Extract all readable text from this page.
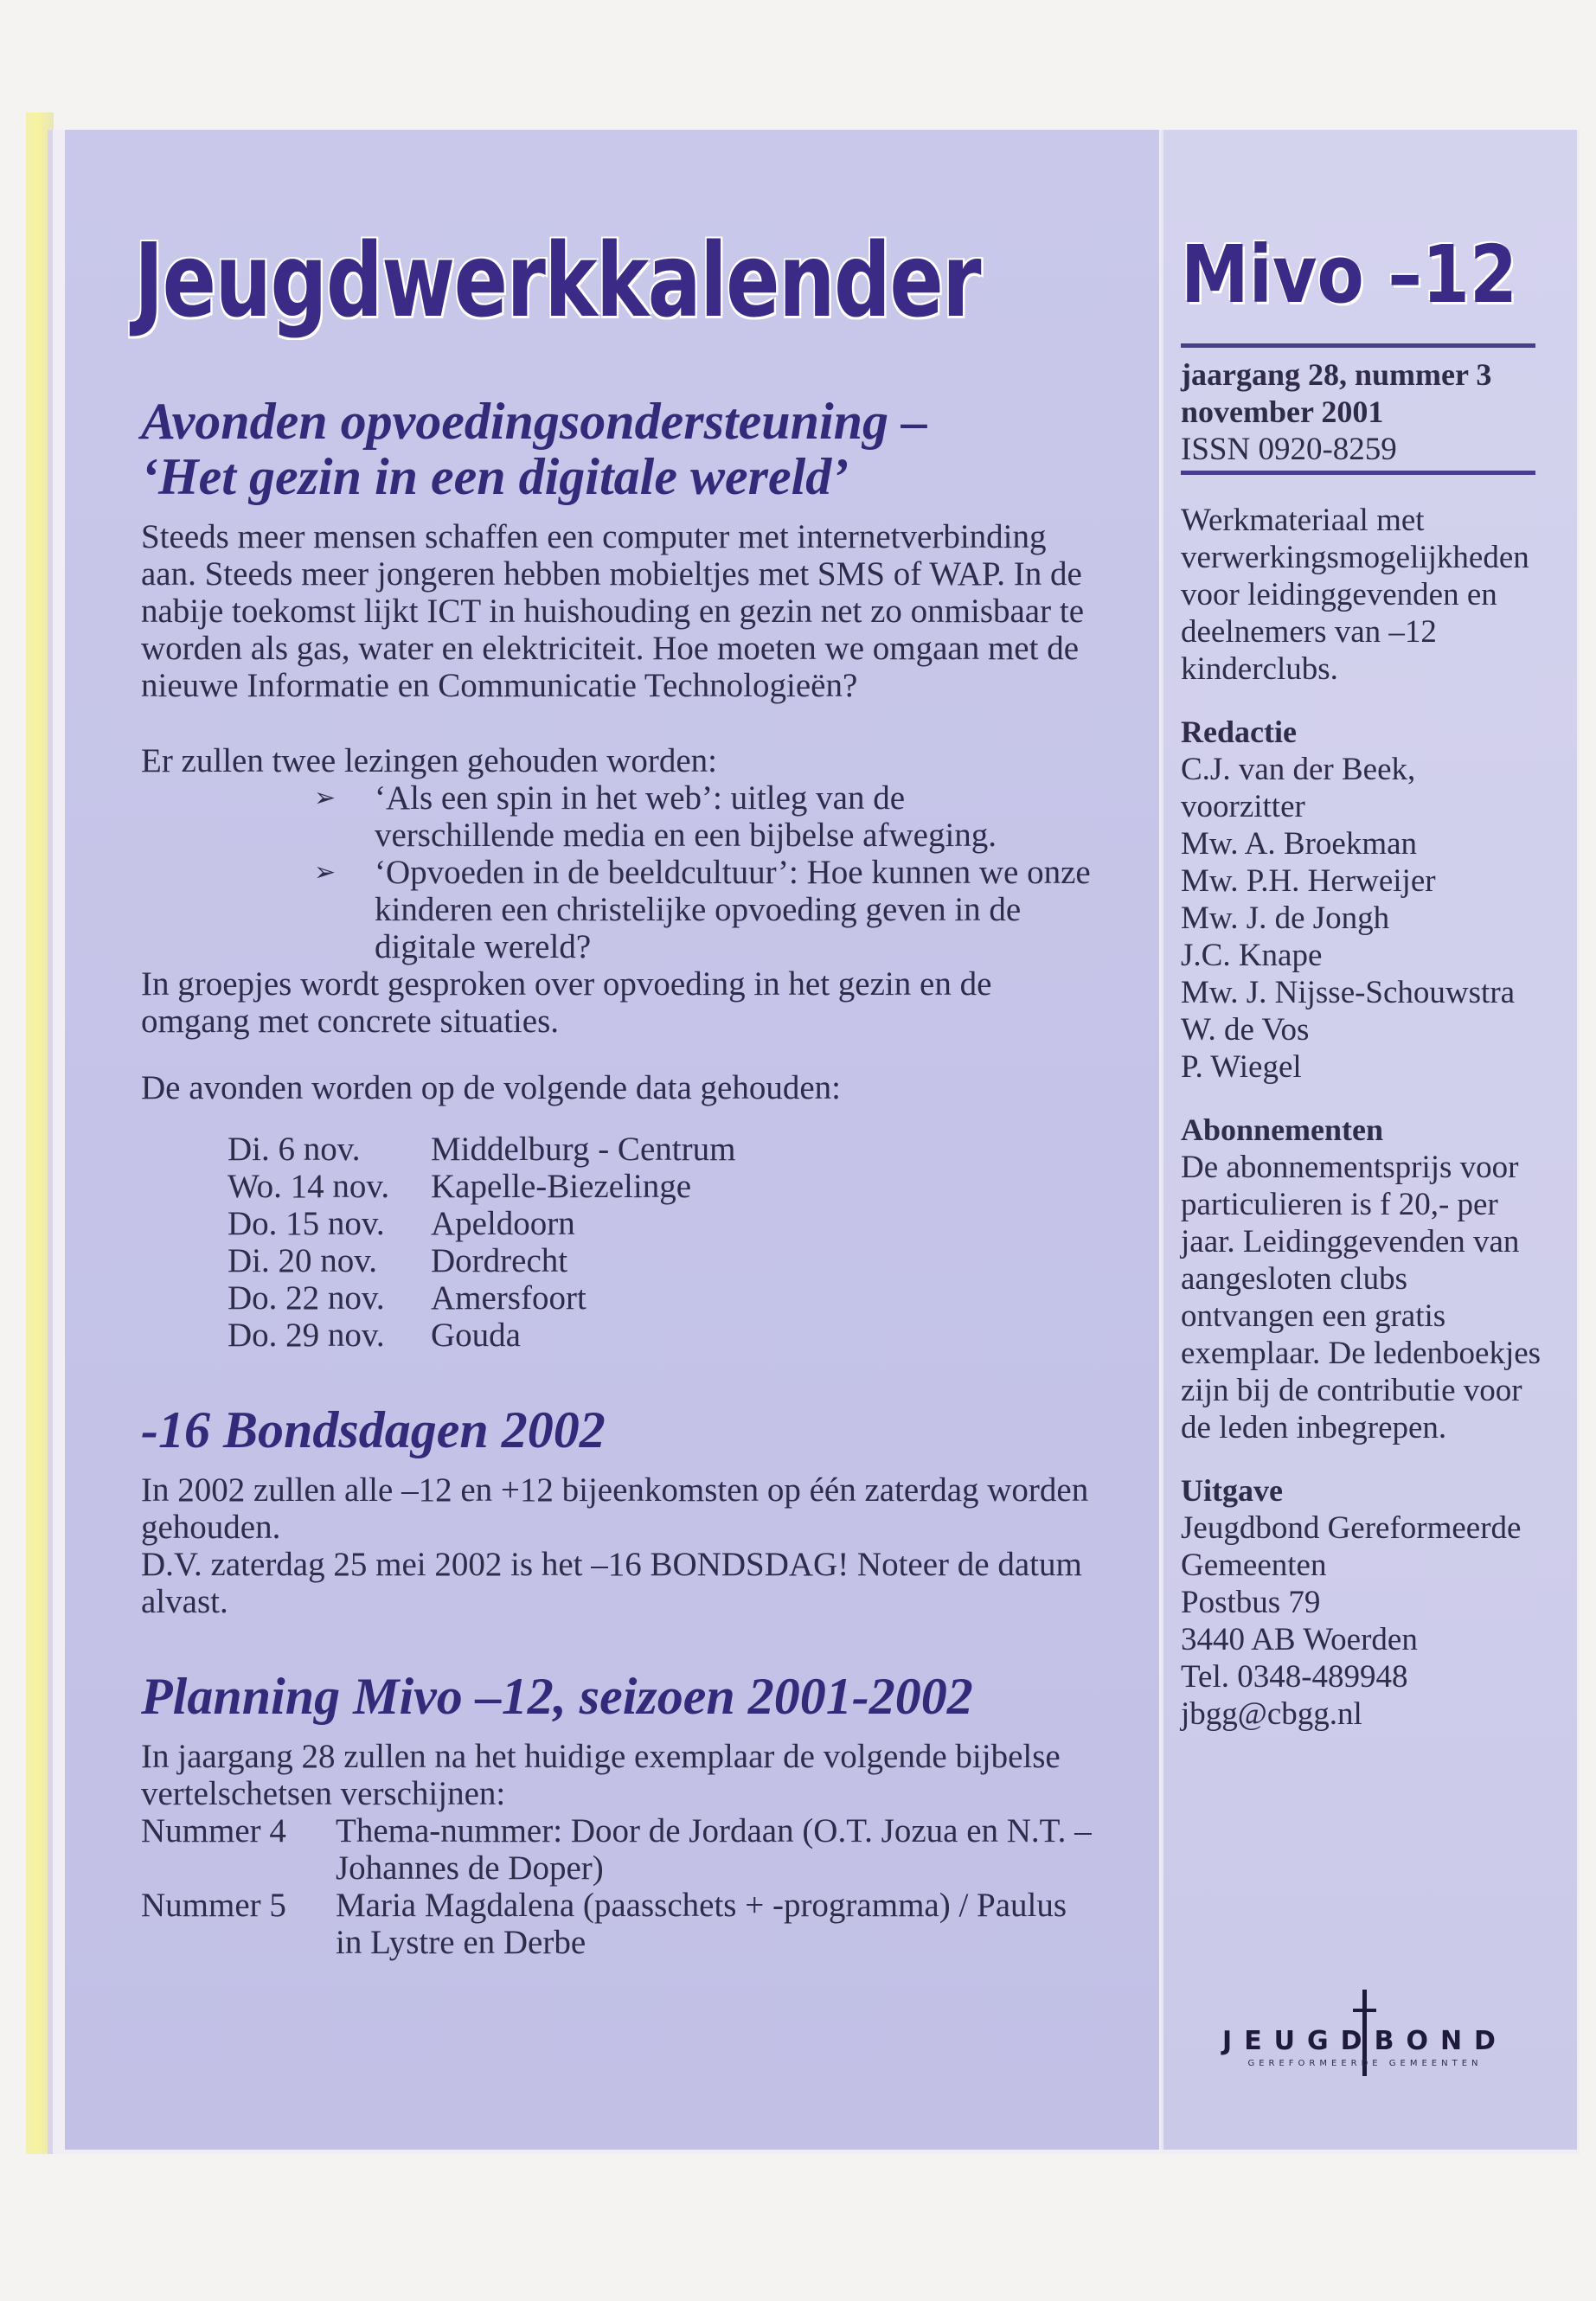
Jeugdwerkkalender
Avonden opvoedingsondersteuning –
‘Het gezin in een digitale wereld’

Steeds meer mensen schaffen een computer met internetverbinding aan. Steeds meer jongeren hebben mobieltjes met SMS of WAP. In de nabije toekomst lijkt ICT in huishouding en gezin net zo onmisbaar te worden als gas, water en elektriciteit. Hoe moeten we omgaan met de nieuwe Informatie en Communicatie Technologieën?

Er zullen twee lezingen gehouden worden:

➢ ‘Als een spin in het web’: uitleg van de verschillende media en een bijbelse afweging.
➢ ‘Opvoeden in de beeldcultuur’: Hoe kunnen we onze kinderen een christelijke opvoeding geven in de digitale wereld?

In groepjes wordt gesproken over opvoeding in het gezin en de omgang met concrete situaties.

De avonden worden op de volgende data gehouden:

Di. 6 nov.	Middelburg - Centrum
Wo. 14 nov.	Kapelle-Biezelinge
Do. 15 nov.	Apeldoorn
Di. 20 nov.	Dordrecht
Do. 22 nov.	Amersfoort
Do. 29 nov.	Gouda
-16 Bondsdagen 2002

In 2002 zullen alle –12 en +12 bijeenkomsten op één zaterdag worden gehouden.

D.V. zaterdag 25 mei 2002 is het –16 BONDSDAG! Noteer de datum alvast.

Planning Mivo –12, seizoen 2001-2002

In jaargang 28 zullen na het huidige exemplaar de volgende bijbelse vertelschetsen verschijnen:

Nummer 4	Thema-nummer: Door de Jordaan (O.T. Jozua en N.T. – Johannes de Doper)
Nummer 5	Maria Magdalena (paasschets + -programma) / Paulus in Lystre en Derbe
Mivo –12
jaargang 28, nummer 3
november 2001
ISSN 0920-8259

Werkmateriaal met verwerkingsmogelijkheden voor leidinggevenden en deelnemers van –12 kinderclubs.

Redactie
C.J. van der Beek,
voorzitter
Mw. A. Broekman
Mw. P.H. Herweijer
Mw. J. de Jongh
J.C. Knape
Mw. J. Nijsse-Schouwstra
W. de Vos
P. Wiegel
Abonnementen

De abonnementsprijs voor particulieren is f 20,- per jaar. Leidinggevenden van aangesloten clubs ontvangen een gratis exemplaar. De ledenboekjes zijn bij de contributie voor de leden inbegrepen.

Uitgave
Jeugdbond Gereformeerde
Gemeenten
Postbus 79
3440 AB Woerden
Tel. 0348-489948
jbgg@cbgg.nl
JEUGDBOND
GEREFORMEERDE GEMEENTEN
